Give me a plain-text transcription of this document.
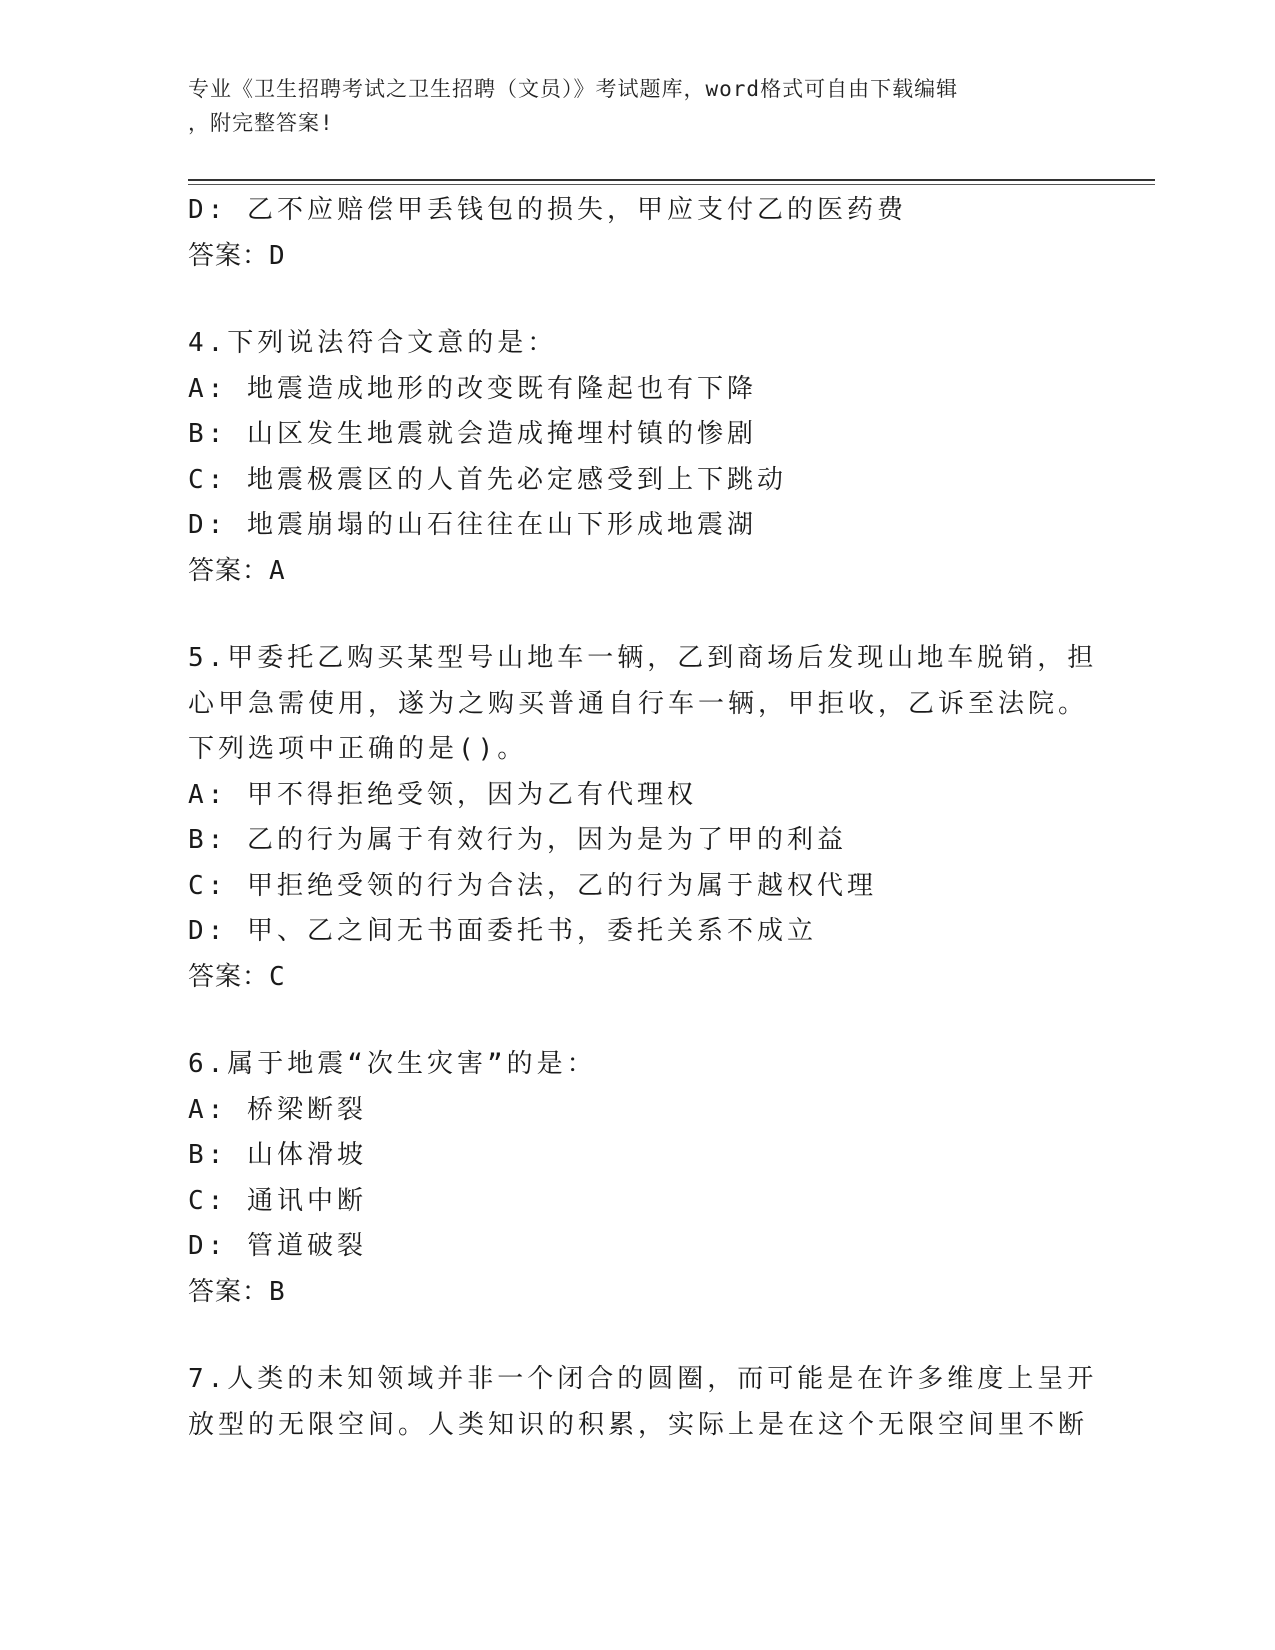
专业《卫生招聘考试之卫生招聘（文员）》考试题库，word格式可自由下载编辑
，附完整答案!
D: 乙不应赔偿甲丢钱包的损失，甲应支付乙的医药费
答案：D
4.下列说法符合文意的是：
A: 地震造成地形的改变既有隆起也有下降
B: 山区发生地震就会造成掩埋村镇的惨剧
C: 地震极震区的人首先必定感受到上下跳动
D: 地震崩塌的山石往往在山下形成地震湖
答案：A
5.甲委托乙购买某型号山地车一辆，乙到商场后发现山地车脱销，担
心甲急需使用，遂为之购买普通自行车一辆，甲拒收，乙诉至法院。
下列选项中正确的是()。
A: 甲不得拒绝受领，因为乙有代理权
B: 乙的行为属于有效行为，因为是为了甲的利益
C: 甲拒绝受领的行为合法，乙的行为属于越权代理
D: 甲、乙之间无书面委托书，委托关系不成立
答案：C
6.属于地震“次生灾害”的是：
A: 桥梁断裂
B: 山体滑坡
C: 通讯中断
D: 管道破裂
答案：B
7.人类的未知领域并非一个闭合的圆圈，而可能是在许多维度上呈开
放型的无限空间。人类知识的积累，实际上是在这个无限空间里不断
